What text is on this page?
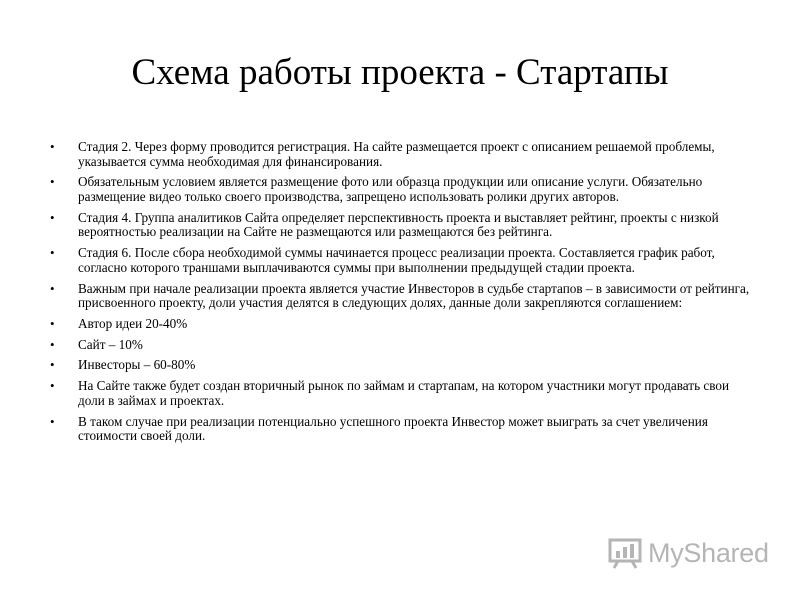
Схема работы проекта - Стартапы
• Стадия 2. Через форму проводится регистрация. На сайте размещается проект с описанием решаемой проблемы, указывается сумма необходимая для финансирования.
• Обязательным условием является размещение фото или образца продукции или описание услуги. Обязательно размещение видео только своего производства, запрещено использовать ролики других авторов.
• Стадия 4. Группа аналитиков Сайта определяет перспективность проекта и выставляет рейтинг, проекты с низкой вероятностью реализации на Сайте не размещаются или размещаются без рейтинга.
• Стадия 6. После сбора необходимой суммы начинается процесс реализации проекта. Составляется график работ, согласно которого траншами выплачиваются суммы при выполнении предыдущей стадии проекта.
• Важным при начале реализации проекта является участие Инвесторов в судьбе стартапов – в зависимости от рейтинга, присвоенного проекту, доли участия делятся в следующих долях, данные доли закрепляются соглашением:
• Автор идеи 20-40%
• Сайт – 10%
• Инвесторы – 60-80%
• На Сайте также будет создан вторичный рынок по займам и стартапам, на котором участники могут продавать свои доли в займах и проектах.
• В таком случае при реализации потенциально успешного проекта Инвестор может выиграть за счет увеличения стоимости своей доли.
MyShared
